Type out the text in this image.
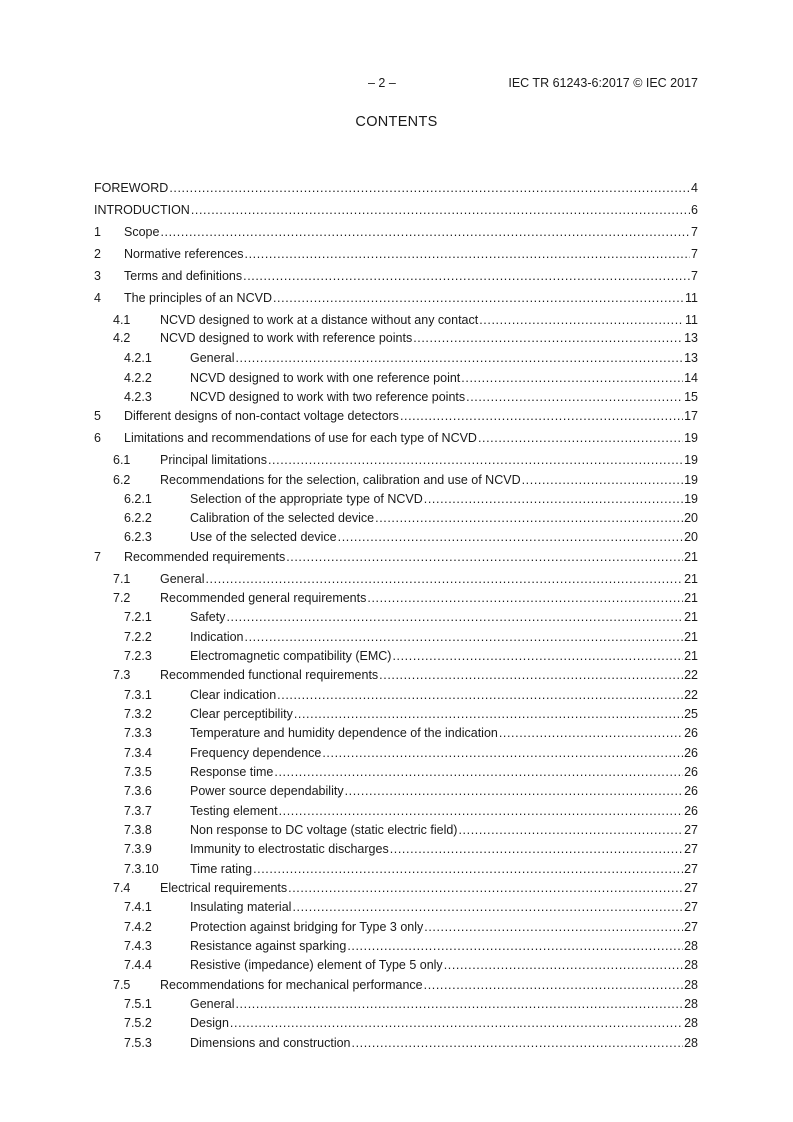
– 2 –	IEC TR 61243-6:2017 © IEC 2017
CONTENTS
FOREWORD .....	4
INTRODUCTION .....	6
1 Scope .....	7
2 Normative references .....	7
3 Terms and definitions .....	7
4 The principles of an NCVD .....	11
4.1 NCVD designed to work at a distance without any contact .....	11
4.2 NCVD designed to work with reference points .....	13
4.2.1	General .....	13
4.2.2	NCVD designed to work with one reference point .....	14
4.2.3	NCVD designed to work with two reference points .....	15
5 Different designs of non-contact voltage detectors .....	17
6 Limitations and recommendations of use for each type of NCVD .....	19
6.1 Principal limitations .....	19
6.2 Recommendations for the selection, calibration and use of NCVD .....	19
6.2.1	Selection of the appropriate type of NCVD .....	19
6.2.2	Calibration of the selected device .....	20
6.2.3	Use of the selected device .....	20
7 Recommended requirements .....	21
7.1 General .....	21
7.2 Recommended general requirements .....	21
7.2.1	Safety .....	21
7.2.2	Indication .....	21
7.2.3	Electromagnetic compatibility (EMC) .....	21
7.3 Recommended functional requirements .....	22
7.3.1	Clear indication .....	22
7.3.2	Clear perceptibility .....	25
7.3.3	Temperature and humidity dependence of the indication .....	26
7.3.4	Frequency dependence .....	26
7.3.5	Response time .....	26
7.3.6	Power source dependability .....	26
7.3.7	Testing element .....	26
7.3.8	Non response to DC voltage (static electric field) .....	27
7.3.9	Immunity to electrostatic discharges .....	27
7.3.10 Time rating .....	27
7.4 Electrical requirements .....	27
7.4.1	Insulating material .....	27
7.4.2	Protection against bridging for Type 3 only .....	27
7.4.3	Resistance against sparking .....	28
7.4.4	Resistive (impedance) element of Type 5 only .....	28
7.5 Recommendations for mechanical performance .....	28
7.5.1	General .....	28
7.5.2	Design .....	28
7.5.3	Dimensions and construction .....	28
